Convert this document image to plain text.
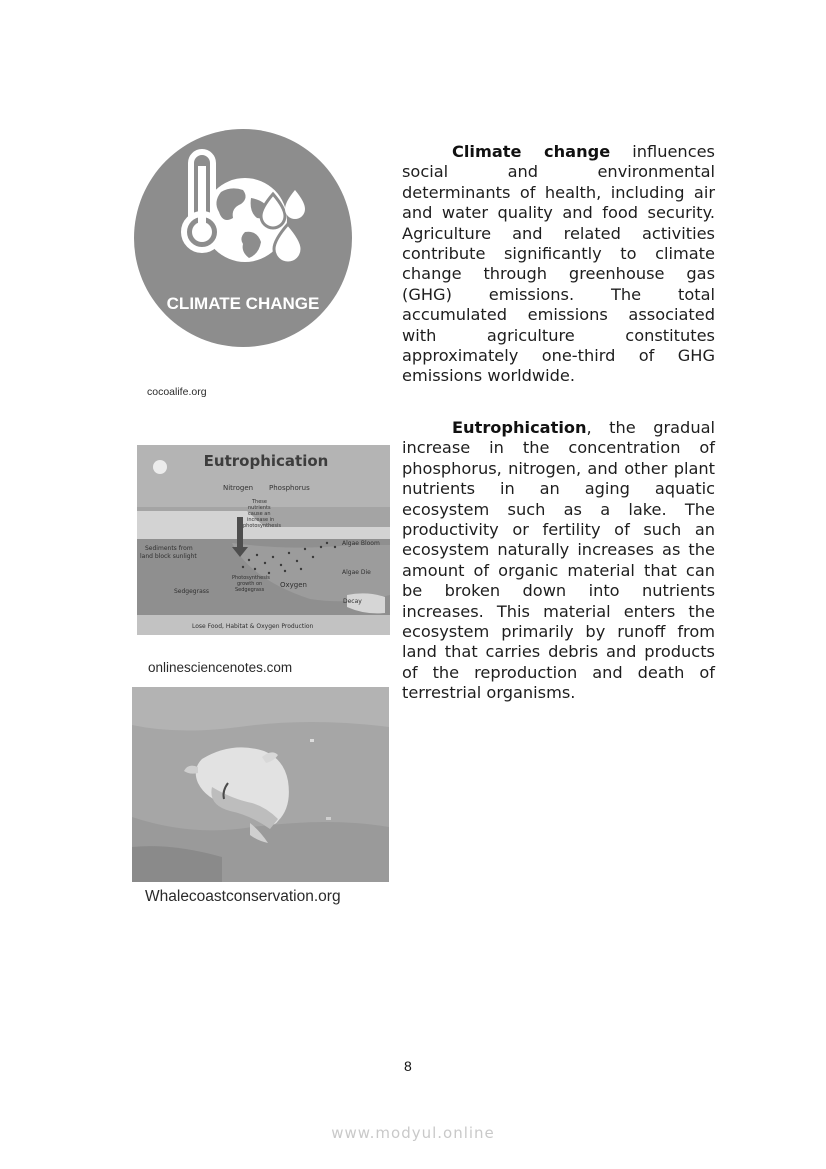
CLIMATE CHANGE
cocoalife.org
Climate change influences social and environmental determinants of health, including air and water quality and food security. Agriculture and related activities contribute significantly to climate change through greenhouse gas (GHG) emissions. The total accumulated emissions associated with agriculture constitutes approximately one-third of GHG emissions worldwide.
Eutrophication
Nitrogen Phosphorus
These
nutrients
cause an
increase in
photosynthesis
Sediments from
land block sunlight
Algae Bloom
Algae Die
Sedgegrass
Photosynthesis
growth on
Sedgegrass
Oxygen
Decay
Lose Food, Habitat & Oxygen Production
onlinesciencenotes.com
Eutrophication, the gradual increase in the concentration of phosphorus, nitrogen, and other plant nutrients in an aging aquatic ecosystem such as a lake. The productivity or fertility of such an ecosystem naturally increases as the amount of organic material that can be broken down into nutrients increases. This material enters the ecosystem primarily by runoff from land that carries debris and products of the reproduction and death of terrestrial organisms.
Whalecoastconservation.org
8
www.modyul.online
